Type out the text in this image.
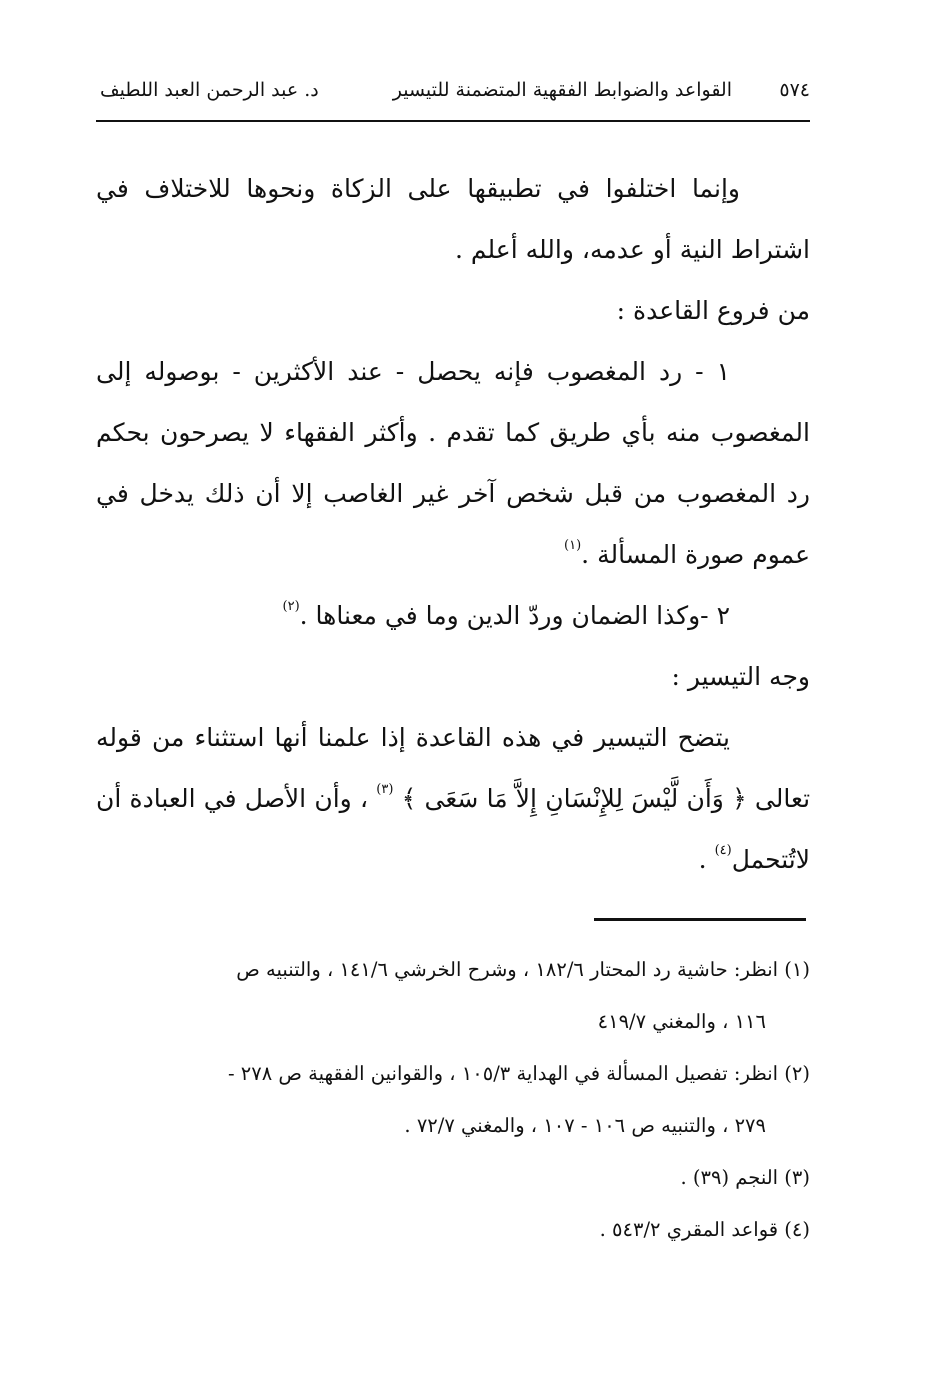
٥٧٤
القواعد والضوابط الفقهية المتضمنة للتيسير
د. عبد الرحمن العبد اللطيف

وإنما اختلفوا في تطبيقها على الزكاة ونحوها للاختلاف في اشتراط النية أو عدمه، والله أعلم .

من فروع القاعدة :

١ - رد المغصوب فإنه يحصل - عند الأكثرين - بوصوله إلى المغصوب منه بأي طريق كما تقدم . وأكثر الفقهاء لا يصرحون بحكم رد المغصوب من قبل شخص آخر غير الغاصب إلا أن ذلك يدخل في عموم صورة المسألة .$^{(١)}$

٢ -وكذا الضمان وردّ الدين وما في معناها .$^{(٢)}$

وجه التيسير :

يتضح التيسير في هذه القاعدة إذا علمنا أنها استثناء من قوله تعالى ﴿ وَأَن لَّيْسَ لِلإِنْسَانِ إِلاَّ مَا سَعَى ﴾ $^{(٣)}$ ، وأن الأصل في العبادة أن لاتُتحمل$^{(٤)}$ .

(١) انظر: حاشية رد المحتار ١٨٢/٦ ، وشرح الخرشي ١٤١/٦ ، والتنبيه ص
١١٦ ، والمغني ٤١٩/٧

(٢) انظر: تفصيل المسألة في الهداية ١٠٥/٣ ، والقوانين الفقهية ص ٢٧٨ -
٢٧٩ ، والتنبيه ص ١٠٦ - ١٠٧ ، والمغني ٧٢/٧ .

(٣) النجم (٣٩) .

(٤) قواعد المقري ٥٤٣/٢ .
